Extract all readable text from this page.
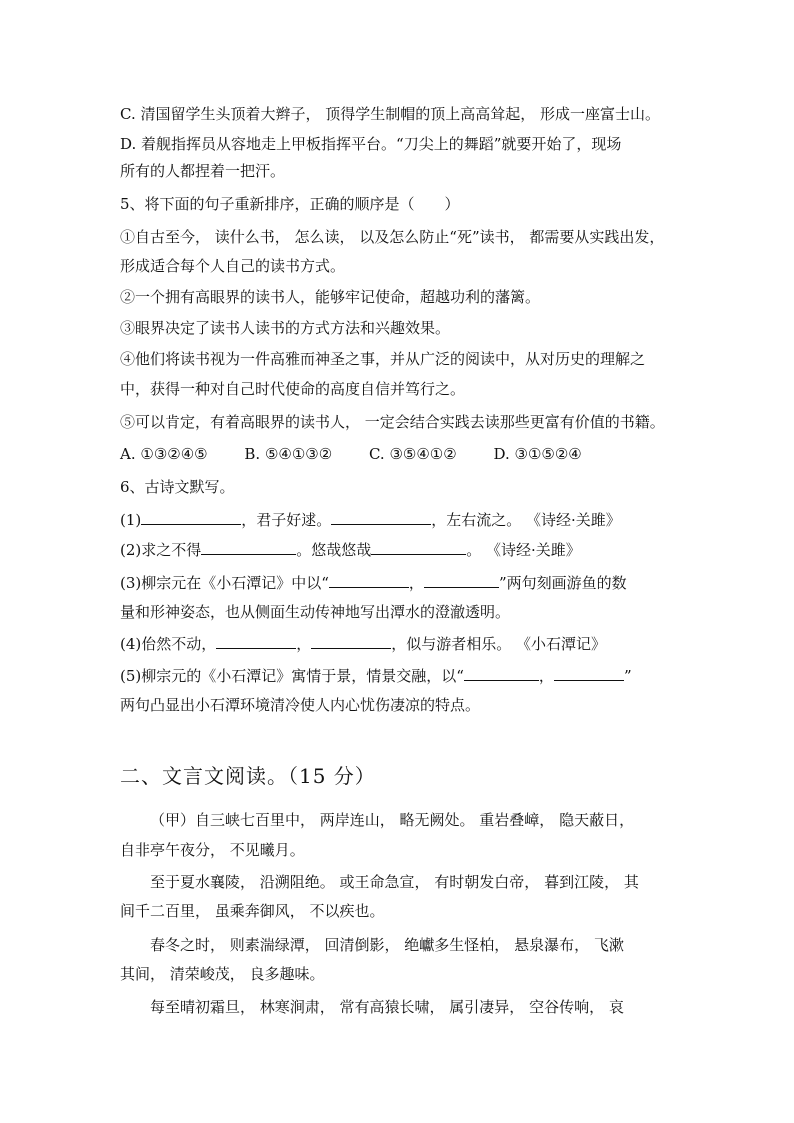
C. 清国留学生头顶着大辫子， 顶得学生制帽的顶上高高耸起， 形成一座富士山。
D. 着舰指挥员从容地走上甲板指挥平台。“刀尖上的舞蹈”就要开始了，现场
所有的人都捏着一把汗。
5、将下面的句子重新排序，正确的顺序是（　　）
①自古至今， 读什么书， 怎么读， 以及怎么防止“死”读书， 都需要从实践出发，
形成适合每个人自己的读书方式。
②一个拥有高眼界的读书人，能够牢记使命，超越功利的藩篱。
③眼界决定了读书人读书的方式方法和兴趣效果。
④他们将读书视为一件高雅而神圣之事，并从广泛的阅读中，从对历史的理解之
中，获得一种对自己时代使命的高度自信并笃行之。
⑤可以肯定，有着高眼界的读书人， 一定会结合实践去读那些更富有价值的书籍。
A. ①③②④⑤ B. ⑤④①③② C. ③⑤④①② D. ③①⑤②④
6、古诗文默写。
(1)	，君子好逑。	，左右流之。 《诗经·关雎》
(2)求之不得	。悠哉悠哉	。 《诗经·关雎》
(3)柳宗元在《小石潭记》中以“	，	”两句刻画游鱼的数
量和形神姿态，也从侧面生动传神地写出潭水的澄澈透明。
(4)佁然不动，	，	，似与游者相乐。 《小石潭记》
(5)柳宗元的《小石潭记》寓情于景，情景交融，以“	，	”
两句凸显出小石潭环境清冷使人内心忧伤凄凉的特点。
二、文言文阅读。（15 分）
（甲）自三峡七百里中， 两岸连山， 略无阙处。 重岩叠嶂， 隐天蔽日，
自非亭午夜分， 不见曦月。
至于夏水襄陵， 沿溯阻绝。 或王命急宣， 有时朝发白帝， 暮到江陵， 其
间千二百里， 虽乘奔御风， 不以疾也。
春冬之时， 则素湍绿潭， 回清倒影， 绝巘多生怪柏， 悬泉瀑布， 飞漱
其间， 清荣峻茂， 良多趣味。
每至晴初霜旦， 林寒涧肃， 常有高猿长啸， 属引凄异， 空谷传响， 哀
